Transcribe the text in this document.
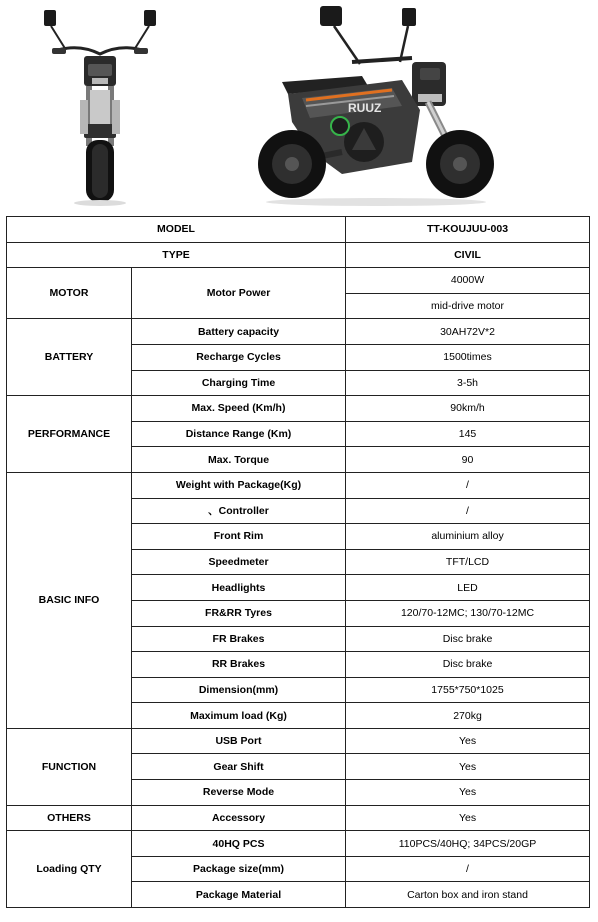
RUUZ
MODEL		TT-KOUJUU-003
TYPE		CIVIL
MOTOR	Motor Power	4000W
		mid-drive motor
BATTERY	Battery capacity	30AH72V*2
	Recharge Cycles	1500times
	Charging Time	3-5h
PERFORMANCE	Max. Speed (Km/h)	90km/h
	Distance Range (Km)	145
	Max. Torque	90
BASIC INFO	Weight with Package(Kg)	/
	、Controller	/
	Front Rim	aluminium alloy
	Speedmeter	TFT/LCD
	Headlights	LED
	FR&RR Tyres	120/70-12MC; 130/70-12MC
	FR Brakes	Disc brake
	RR Brakes	Disc brake
	Dimension(mm)	1755*750*1025
	Maximum load (Kg)	270kg
FUNCTION	USB Port	Yes
	Gear Shift	Yes
	Reverse Mode	Yes
OTHERS	Accessory	Yes
Loading QTY	40HQ PCS	110PCS/40HQ; 34PCS/20GP
	Package size(mm)	/
	Package Material	Carton box and iron stand
